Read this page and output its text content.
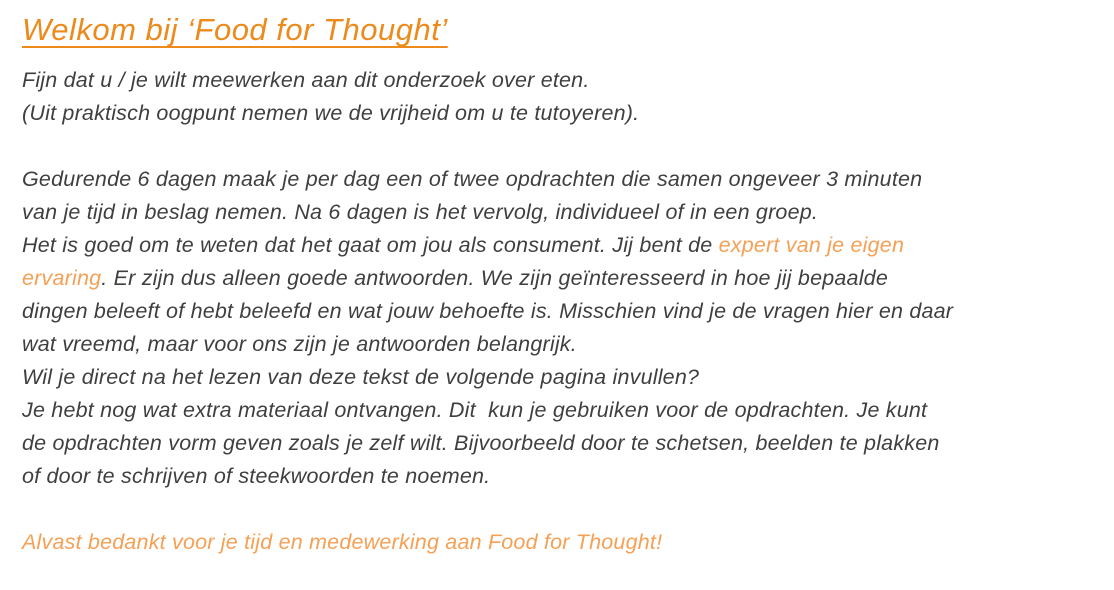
Welkom bij ‘Food for Thought’
Fijn dat u / je wilt meewerken aan dit onderzoek over eten.
(Uit praktisch oogpunt nemen we de vrijheid om u te tutoyeren).

Gedurende 6 dagen maak je per dag een of twee opdrachten die samen ongeveer 3 minuten
van je tijd in beslag nemen. Na 6 dagen is het vervolg, individueel of in een groep.
Het is goed om te weten dat het gaat om jou als consument. Jij bent de expert van je eigen
ervaring. Er zijn dus alleen goede antwoorden. We zijn geïnteresseerd in hoe jij bepaalde
dingen beleeft of hebt beleefd en wat jouw behoefte is. Misschien vind je de vragen hier en daar
wat vreemd, maar voor ons zijn je antwoorden belangrijk.
Wil je direct na het lezen van deze tekst de volgende pagina invullen?
Je hebt nog wat extra materiaal ontvangen. Dit  kun je gebruiken voor de opdrachten. Je kunt
de opdrachten vorm geven zoals je zelf wilt. Bijvoorbeeld door te schetsen, beelden te plakken
of door te schrijven of steekwoorden te noemen.

Alvast bedankt voor je tijd en medewerking aan Food for Thought!
